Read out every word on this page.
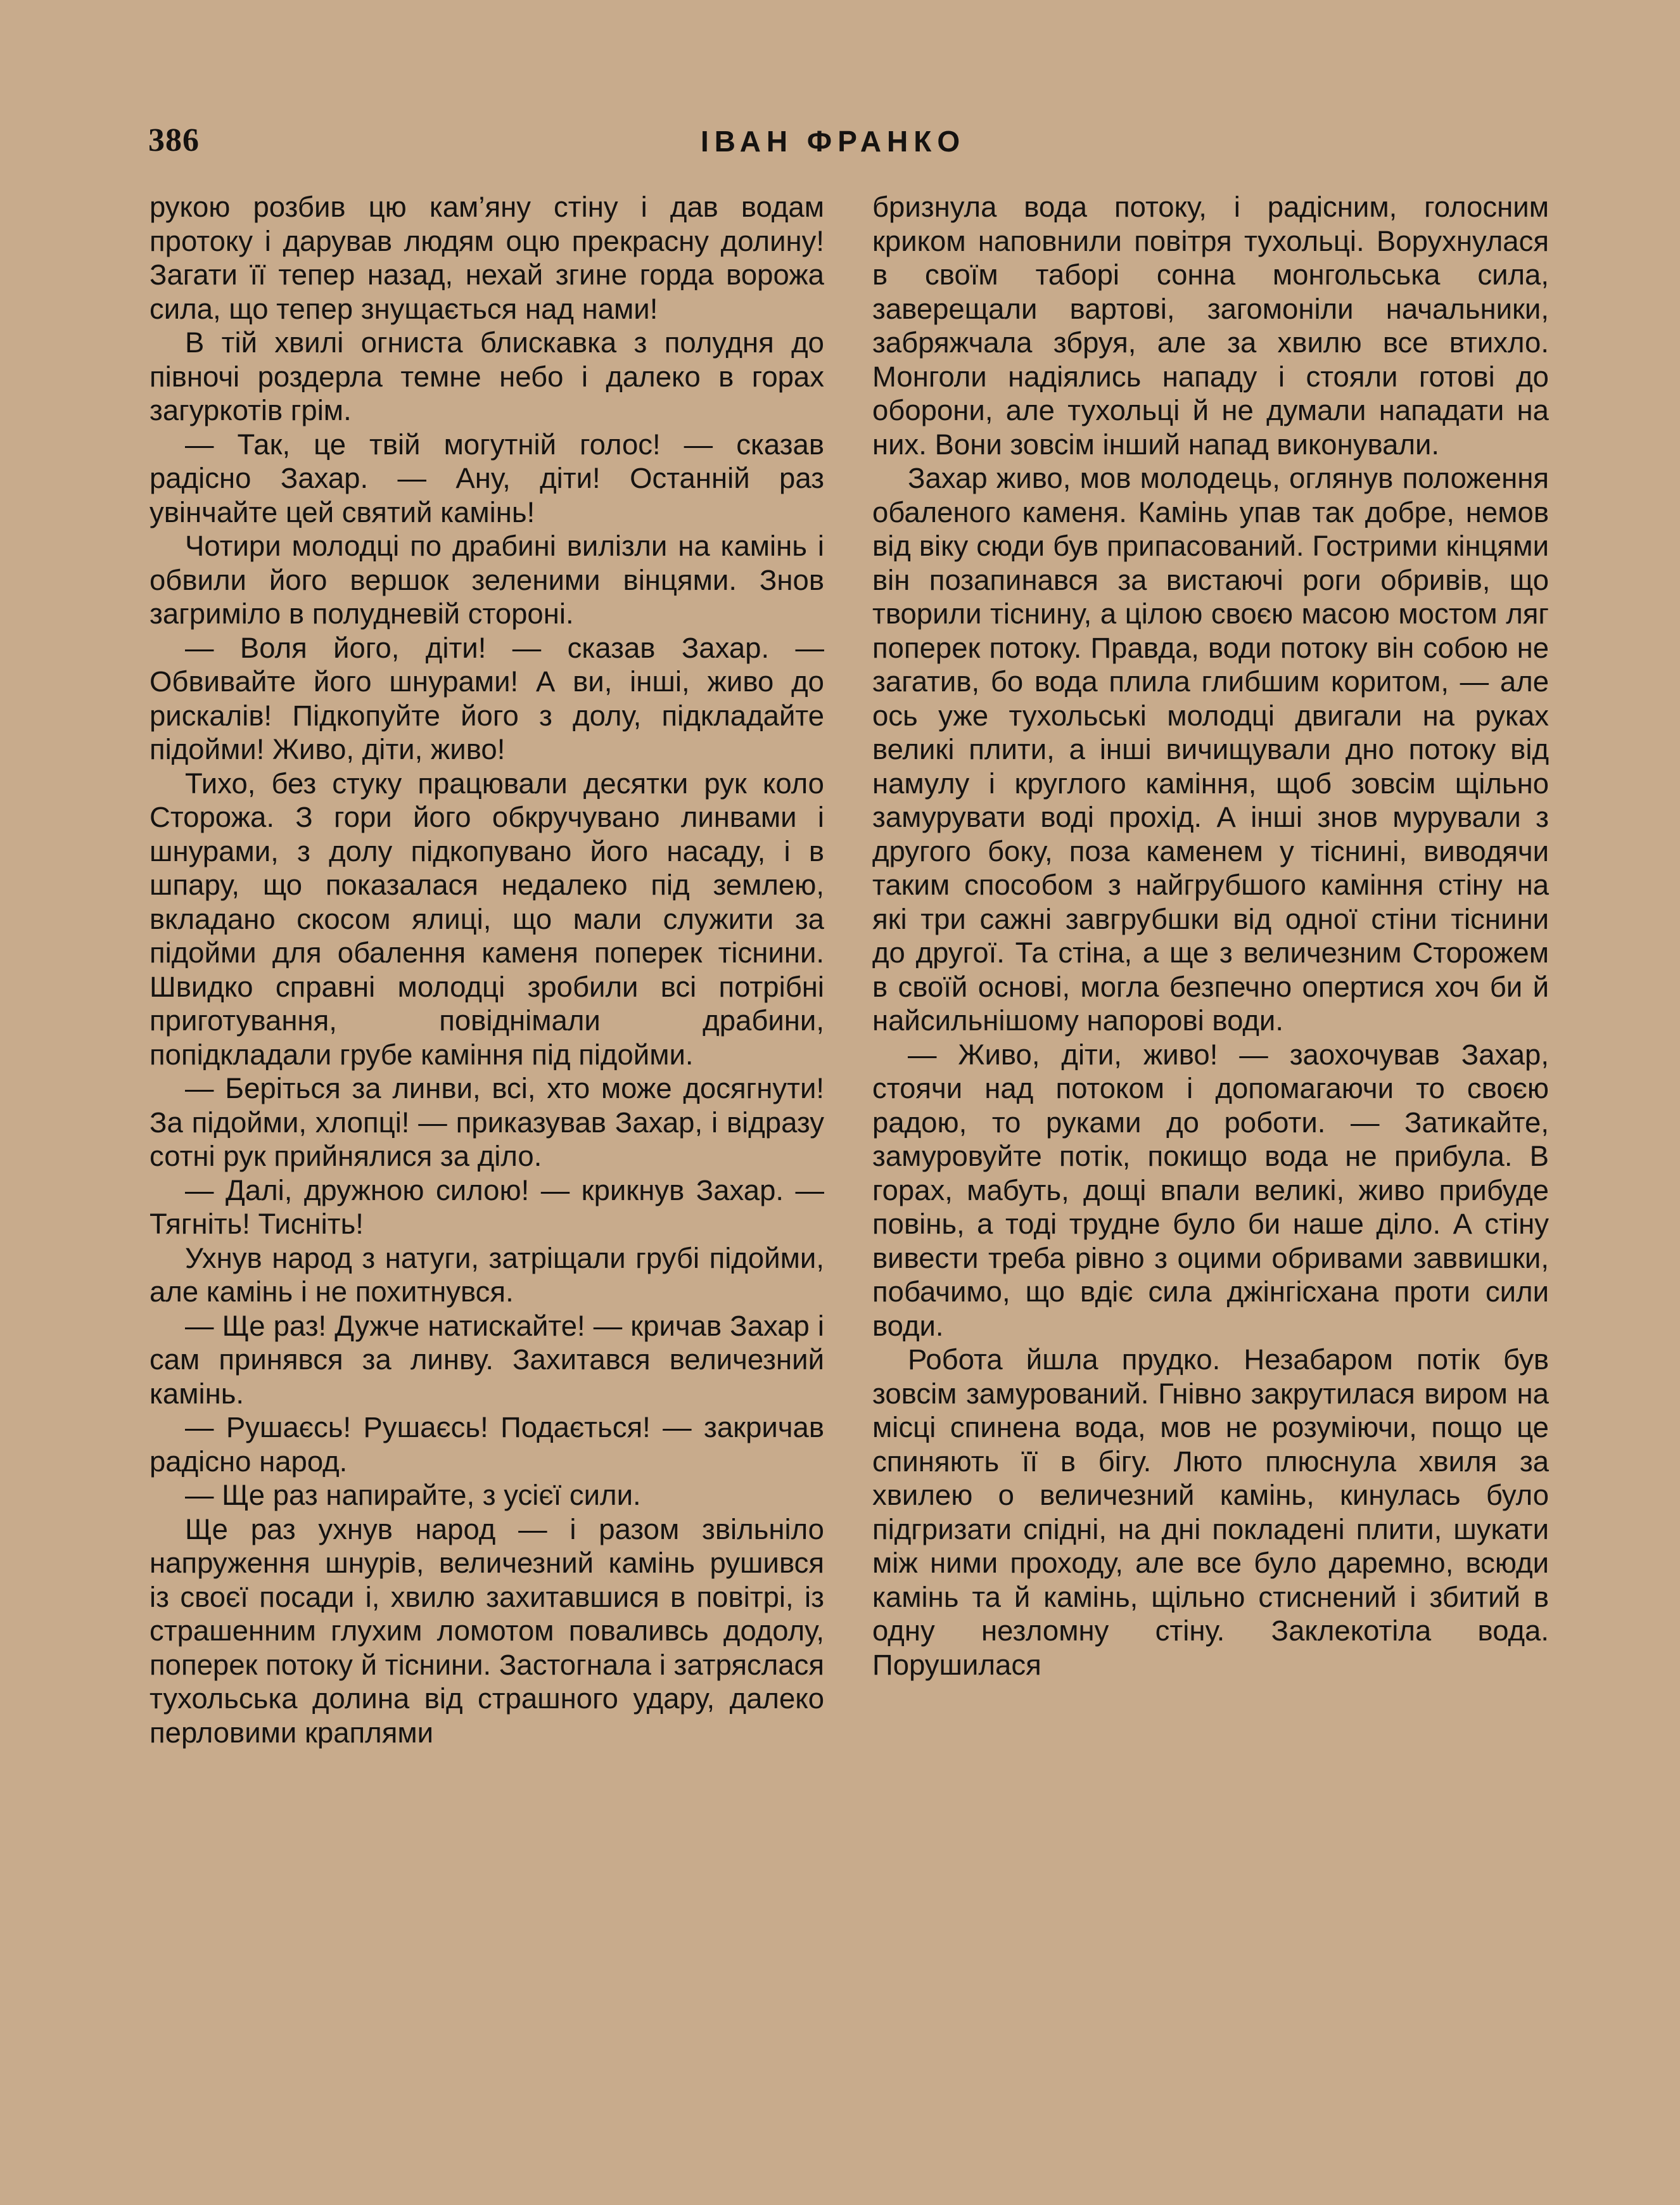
386	ІВАН ФРАНКО

рукою розбив цю кам’яну стіну і дав водам протоку і дарував людям оцю прекрасну долину! Загати її тепер назад, нехай згине горда ворожа сила, що тепер знущається над нами!

В тій хвилі огниста блискавка з полудня до півночі роздерла темне небо і далеко в горах загуркотів грім.

— Так, це твій могутній голос! — сказав радісно Захар. — Ану, діти! Останній раз увінчайте цей святий камінь!

Чотири молодці по драбині вилізли на камінь і обвили його вершок зеленими вінцями. Знов загриміло в полудневій стороні.

— Воля його, діти! — сказав Захар. — Обвивайте його шнурами! А ви, інші, живо до рискалів! Підкопуйте його з долу, підкладайте підойми! Живо, діти, живо!

Тихо, без стуку працювали десятки рук коло Сторожа. З гори його обкручувано линвами і шнурами, з долу підкопувано його насаду, і в шпару, що показалася недалеко під землею, вкладано скосом ялиці, що мали служити за підойми для обалення каменя поперек тіснини. Швидко справні молодці зробили всі потрібні приготування, повіднімали драбини, попідкладали грубе каміння під підойми.

— Беріться за линви, всі, хто може досягнути! За підойми, хлопці! — приказував Захар, і відразу сотні рук прийнялися за діло.

— Далі, дружною силою! — крикнув Захар. — Тягніть! Тисніть!

Ухнув народ з натуги, затріщали грубі підойми, але камінь і не похитнувся.

— Ще раз! Дужче натискайте! — кричав Захар і сам принявся за линву. Захитався величезний камінь.

— Рушаєсь! Рушаєсь! Подається! — закричав радісно народ.

— Ще раз напирайте, з усієї сили.

Ще раз ухнув народ — і разом звільніло напруження шнурів, величезний камінь рушився із своєї посади і, хвилю захитавшися в повітрі, із страшенним глухим ломотом поваливсь додолу, поперек потоку й тіснини. Застогнала і затряслася тухольська долина від страшного удару, далеко перловими краплями

бризнула вода потоку, і радісним, голосним криком наповнили повітря тухольці. Ворухнулася в своїм таборі сонна монгольська сила, заверещали вартові, загомоніли начальники, забряжчала збруя, але за хвилю все втихло. Монголи надіялись нападу і стояли готові до оборони, але тухольці й не думали нападати на них. Вони зовсім інший напад виконували.

Захар живо, мов молодець, оглянув положення обаленого каменя. Камінь упав так добре, немов від віку сюди був припасований. Гострими кінцями він позапинався за вистаючі роги обривів, що творили тіснину, а цілою своєю масою мостом ляг поперек потоку. Правда, води потоку він собою не загатив, бо вода плила глибшим коритом, — але ось уже тухольські молодці двигали на руках великі плити, а інші вичищували дно потоку від намулу і круглого каміння, щоб зовсім щільно замурувати воді прохід. А інші знов мурували з другого боку, поза каменем у тіснині, виводячи таким способом з найгрубшого каміння стіну на які три сажні завгрубшки від одної стіни тіснини до другої. Та стіна, а ще з величезним Сторожем в своїй основі, могла безпечно опертися хоч би й найсильнішому напорові води.

— Живо, діти, живо! — заохочував Захар, стоячи над потоком і допомагаючи то своєю радою, то руками до роботи. — Затикайте, замуровуйте потік, покищо вода не прибула. В горах, мабуть, дощі впали великі, живо прибуде повінь, а тоді трудне було би наше діло. А стіну вивести треба рівно з оцими обривами заввишки, побачимо, що вдіє сила джінгісхана проти сили води.

Робота йшла прудко. Незабаром потік був зовсім замурований. Гнівно закрутилася виром на місці спинена вода, мов не розуміючи, пощо це спиняють її в бігу. Люто плюснула хвиля за хвилею о величезний камінь, кинулась було підгризати спідні, на дні покладені плити, шукати між ними проходу, але все було даремно, всюди камінь та й камінь, щільно стиснений і збитий в одну незломну стіну. Заклекотіла вода. Порушилася
